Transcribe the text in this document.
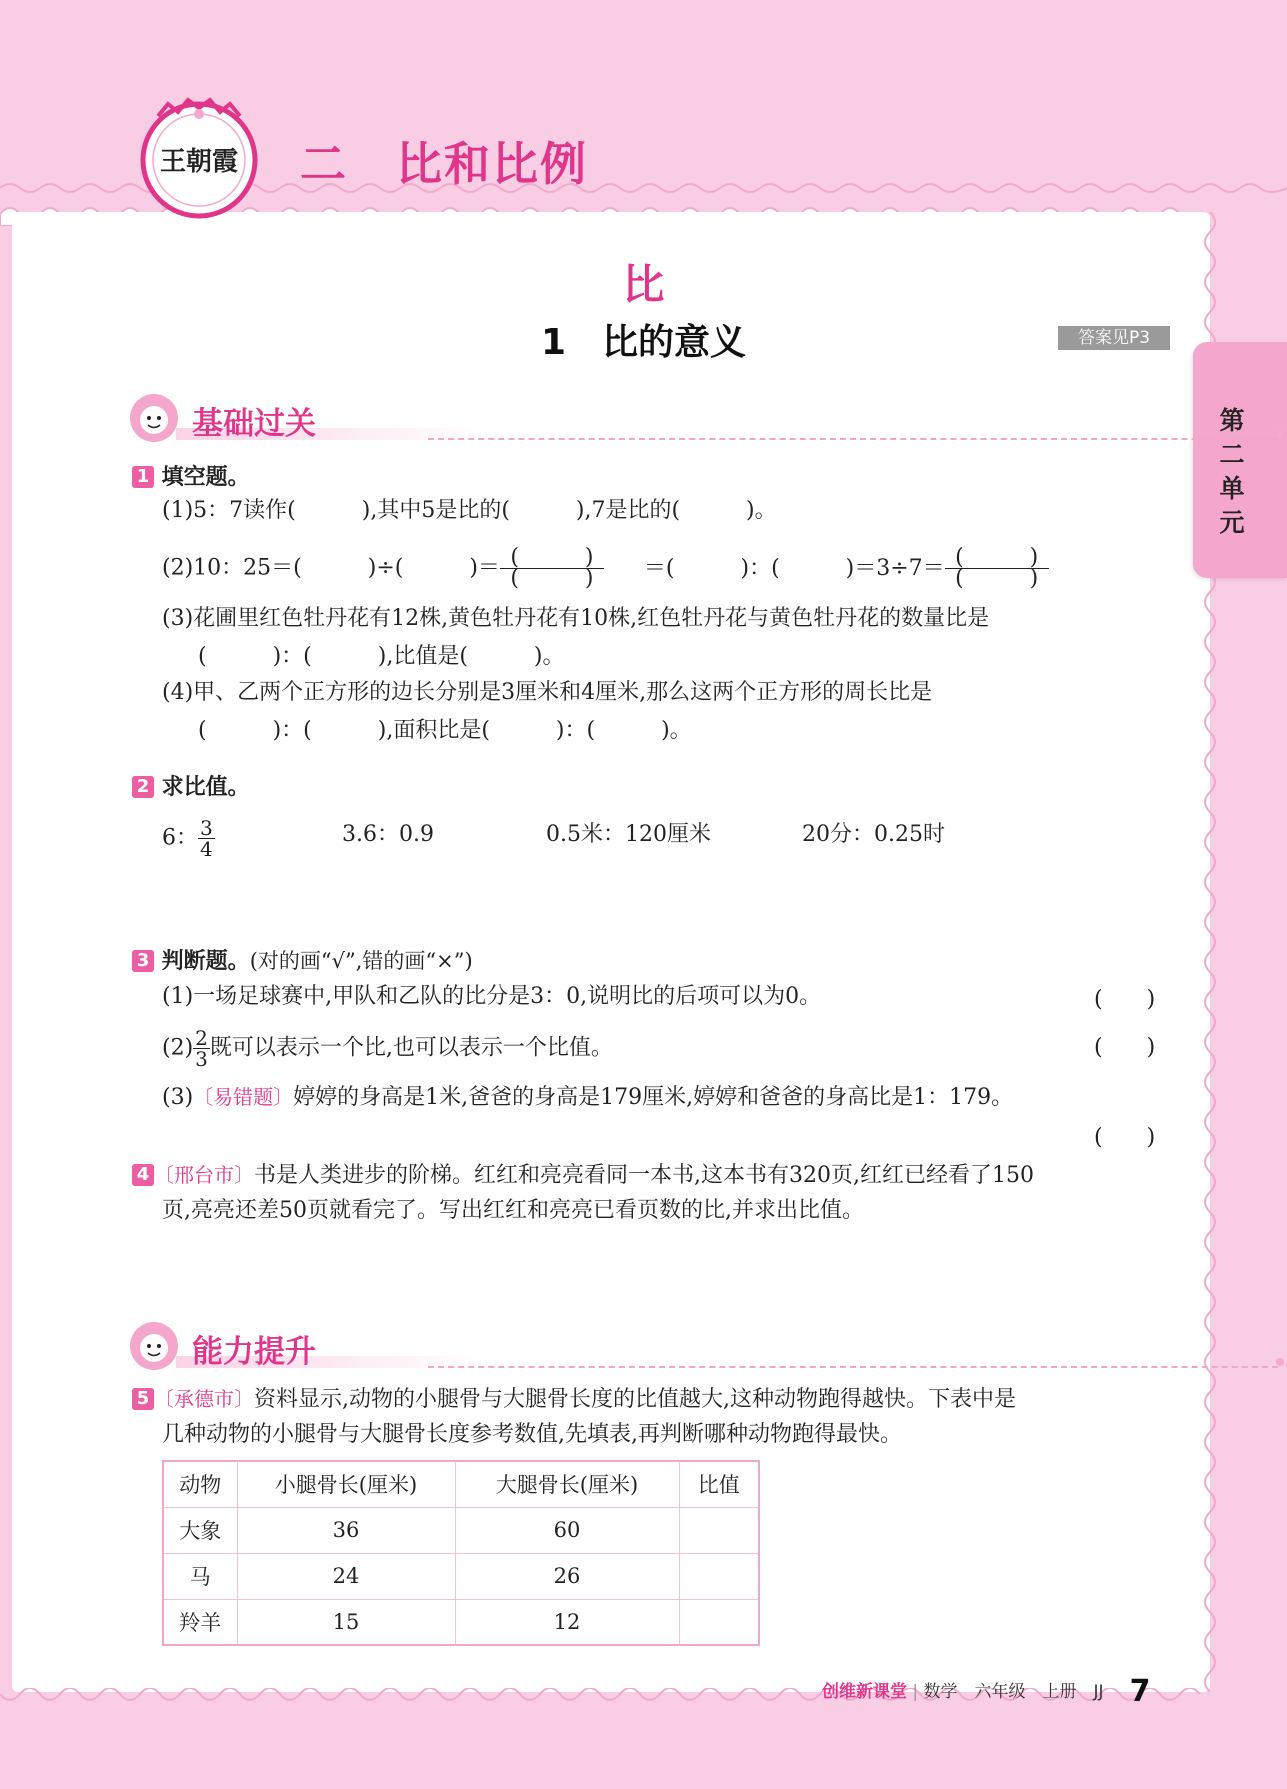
王朝霞 二　比和比例
第二单元
比
1　比的意义	答案见P3
基础过关
1 填空题。
(1)5：7读作(　　　),其中5是比的(　　　),7是比的(　　　)。
(2)10：25＝(　　　)÷(　　　)＝ $\frac{( )}{( )}$ ＝(　　　)：(　　　)$=3\div 7= \frac{( )}{( )}$
(3)花圃里红色牡丹花有12株,黄色牡丹花有10株,红色牡丹花与黄色牡丹花的数量比是
(　　　)：(　　　),比值是(　　　)。
(4)甲、乙两个正方形的边长分别是3厘米和4厘米,那么这两个正方形的周长比是
(　　　)：(　　　),面积比是(　　　)：(　　　)。
2 求比值。
6： $\frac{3}{4}$	3.6：0.9	0.5米：120厘米	20分：0.25时
3 判断题。(对的画“√”,错的画“×”)
(1)一场足球赛中,甲队和乙队的比分是3：0,说明比的后项可以为0。	(　　)
$(2) \frac{2}{3}$ 既可以表示一个比,也可以表示一个比值。	(　　)
(3)〔易错题〕婷婷的身高是1米,爸爸的身高是179厘米,婷婷和爸爸的身高比是1：179。
(　　)
4 〔邢台市〕书是人类进步的阶梯。红红和亮亮看同一本书,这本书有320页,红红已经看了150
页,亮亮还差50页就看完了。写出红红和亮亮已看页数的比,并求出比值。
能力提升
5 〔承德市〕资料显示,动物的小腿骨与大腿骨长度的比值越大,这种动物跑得越快。下表中是
几种动物的小腿骨与大腿骨长度参考数值,先填表,再判断哪种动物跑得最快。
动物	小腿骨长(厘米)	大腿骨长(厘米)	比值
大象	36	60	
马	24	26	
羚羊	15	12	
创维新课堂 | 数学　六年级　上册　JJ 7
